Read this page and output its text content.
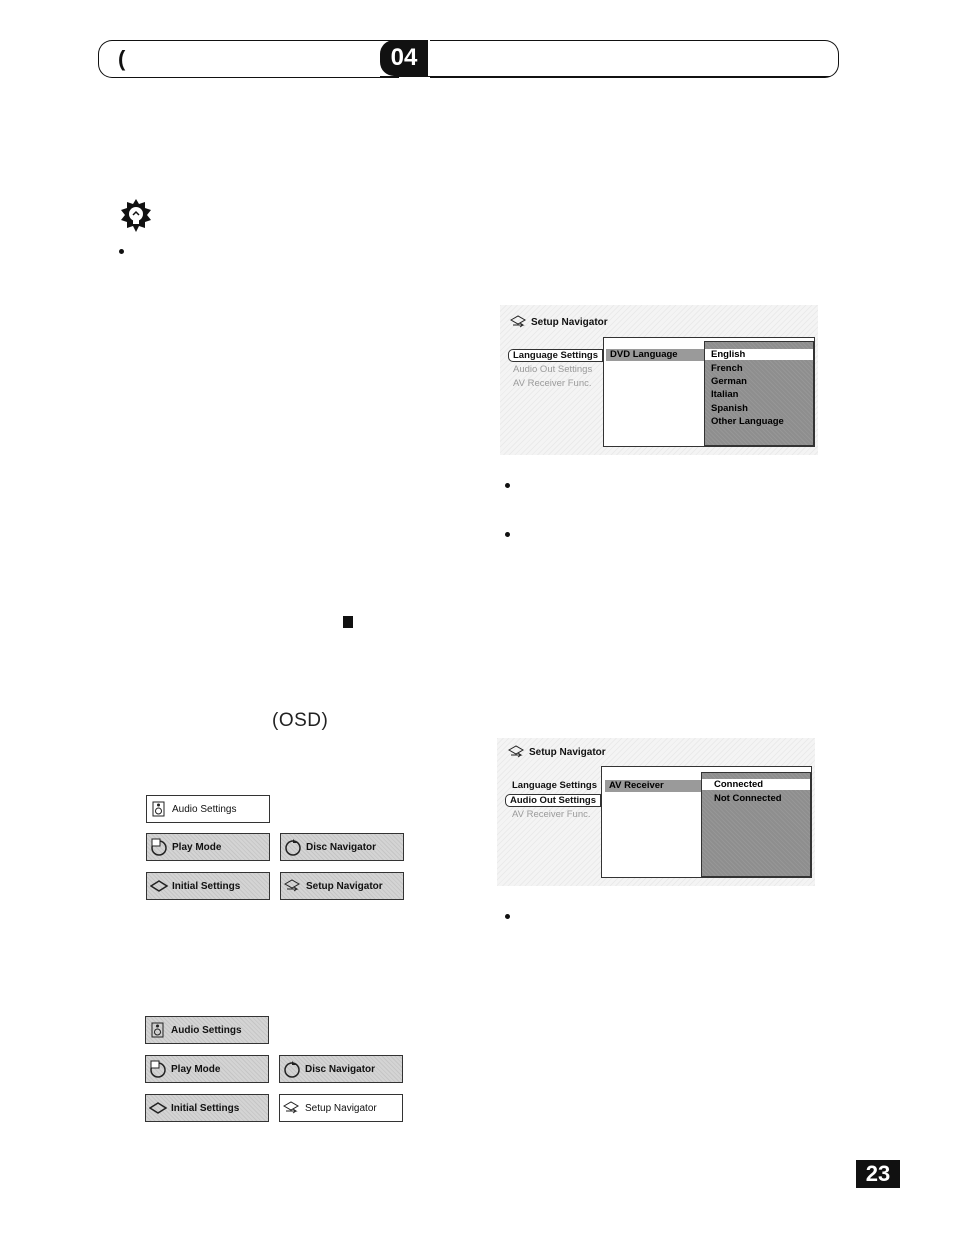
(	04
(OSD)
Audio Settings
Play Mode	Disc Navigator
Initial Settings	Setup Navigator
Audio Settings
Play Mode	Disc Navigator
Initial Settings	Setup Navigator
Setup Navigator
Language Settings
Audio Out Settings
AV Receiver Func.
DVD Language	English
French
German
Italian
Spanish
Other Language
Setup Navigator
Language Settings
Audio Out Settings
AV Receiver Func.
AV Receiver	Connected
Not Connected
23
